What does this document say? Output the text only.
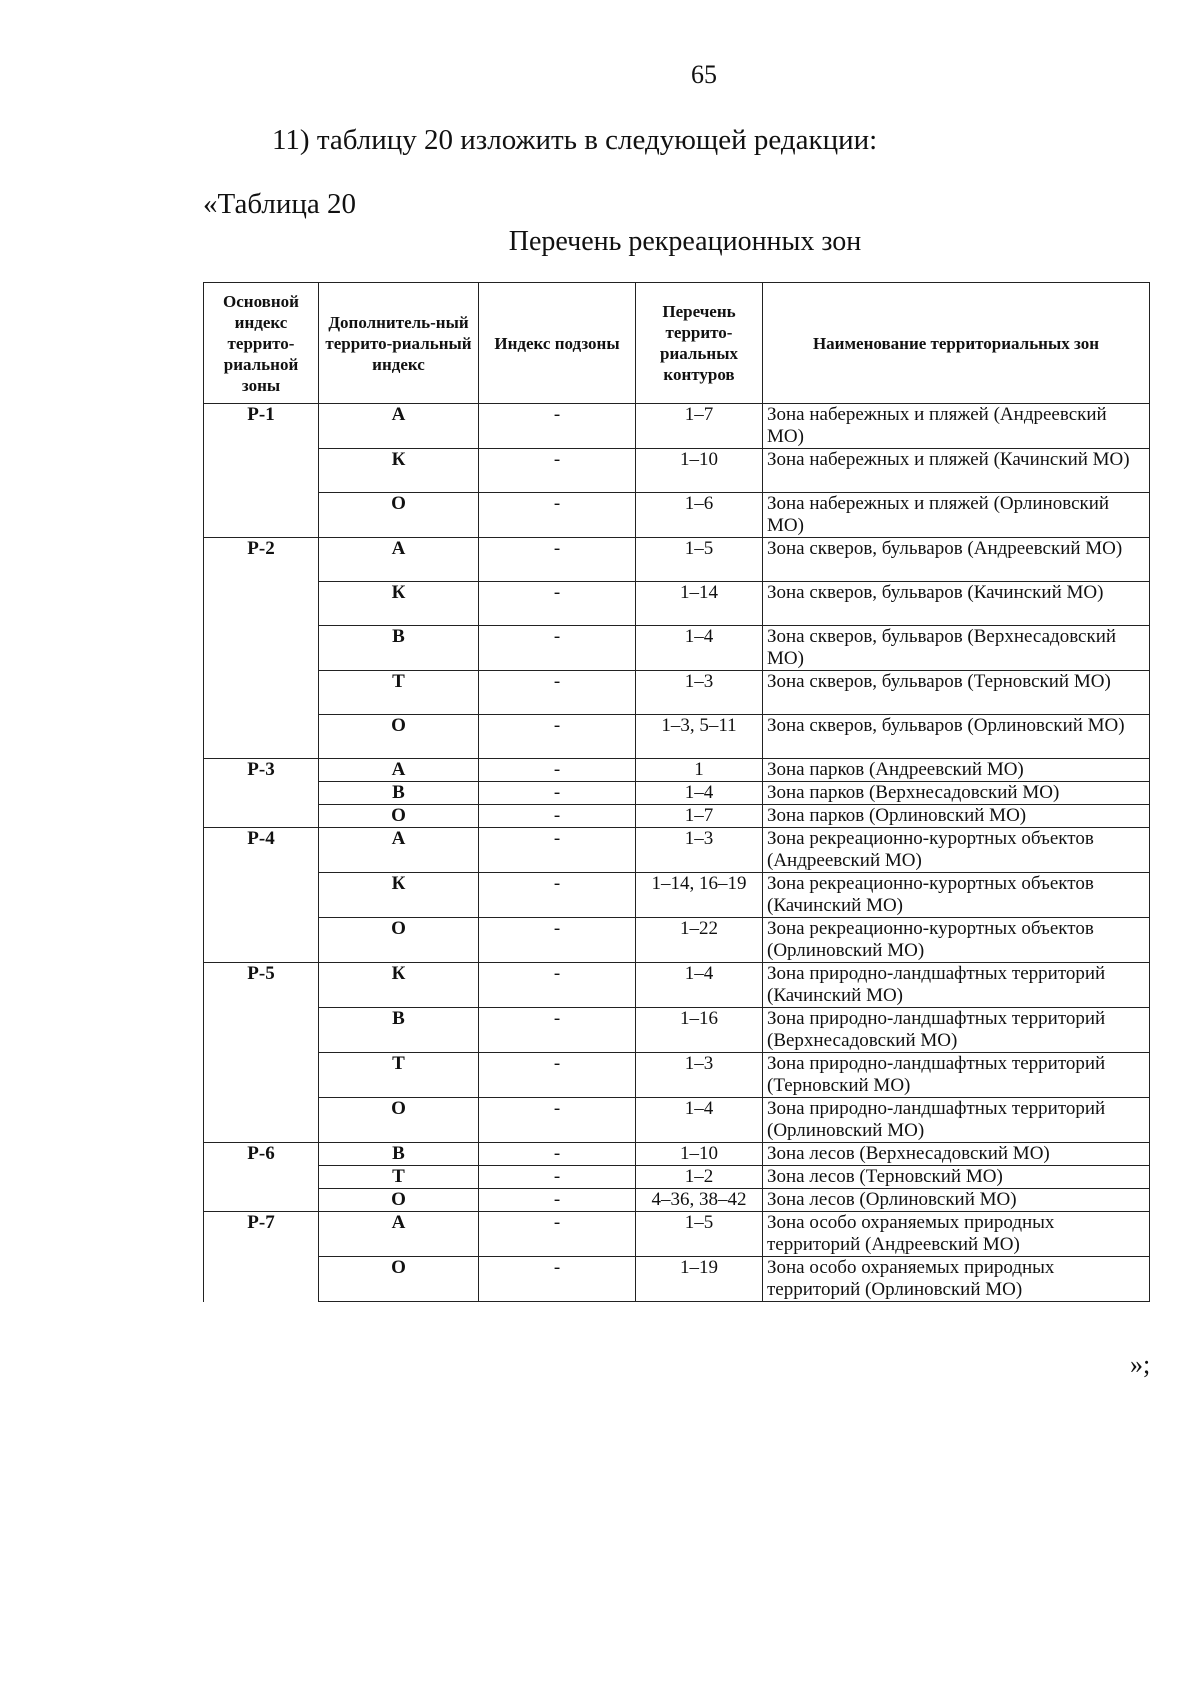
65
11) таблицу 20 изложить в следующей редакции:
«Таблица 20
Перечень рекреационных зон
Основной индекс террито-риальной зоны	Дополнитель-ный террито-риальный индекс	Индекс подзоны	Перечень террито-риальных контуров	Наименование территориальных зон
Р-1	А	-	1–7	Зона набережных и пляжей (Андреевский МО)
	К	-	1–10	Зона набережных и пляжей (Качинский МО)
	О	-	1–6	Зона набережных и пляжей (Орлиновский МО)
Р-2	А	-	1–5	Зона скверов, бульваров (Андреевский МО)
	К	-	1–14	Зона скверов, бульваров (Качинский МО)
	В	-	1–4	Зона скверов, бульваров (Верхнесадовский МО)
	Т	-	1–3	Зона скверов, бульваров (Терновский МО)
	О	-	1–3, 5–11	Зона скверов, бульваров (Орлиновский МО)
Р-3	А	-	1	Зона парков (Андреевский МО)
	В	-	1–4	Зона парков (Верхнесадовский МО)
	О	-	1–7	Зона парков (Орлиновский МО)
Р-4	А	-	1–3	Зона рекреационно-курортных объектов (Андреевский МО)
	К	-	1–14, 16–19	Зона рекреационно-курортных объектов (Качинский МО)
	О	-	1–22	Зона рекреационно-курортных объектов (Орлиновский МО)
Р-5	К	-	1–4	Зона природно-ландшафтных территорий (Качинский МО)
	В	-	1–16	Зона природно-ландшафтных территорий (Верхнесадовский МО)
	Т	-	1–3	Зона природно-ландшафтных территорий (Терновский МО)
	О	-	1–4	Зона природно-ландшафтных территорий (Орлиновский МО)
Р-6	В	-	1–10	Зона лесов (Верхнесадовский МО)
	Т	-	1–2	Зона лесов (Терновский МО)
	О	-	4–36, 38–42	Зона лесов (Орлиновский МО)
Р-7	А	-	1–5	Зона особо охраняемых природных территорий (Андреевский МО)
	О	-	1–19	Зона особо охраняемых природных территорий (Орлиновский МО)
»;
